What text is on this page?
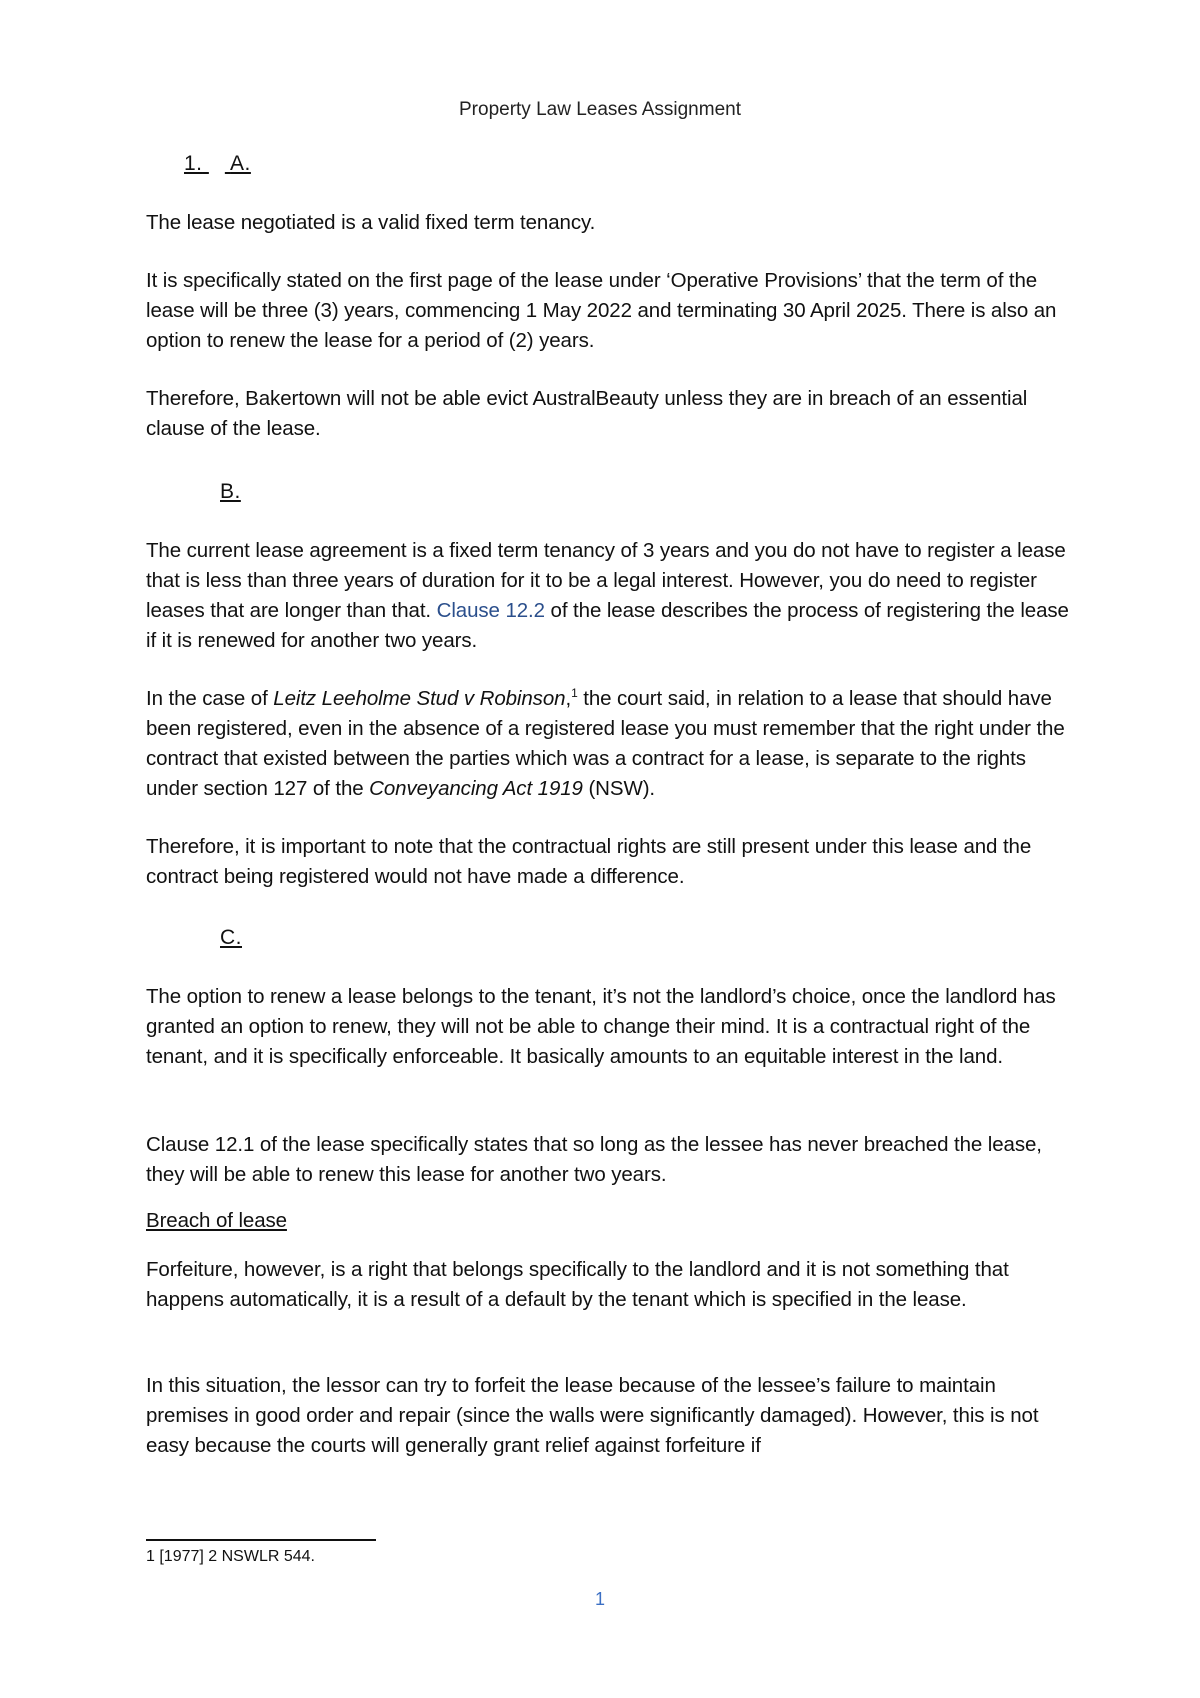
Property Law Leases Assignment
1. A.

The lease negotiated is a valid fixed term tenancy.

It is specifically stated on the first page of the lease under ‘Operative Provisions’ that the term of the lease will be three (3) years, commencing 1 May 2022 and terminating 30 April 2025. There is also an option to renew the lease for a period of (2) years.

Therefore, Bakertown will not be able evict AustralBeauty unless they are in breach of an essential clause of the lease.

B.

The current lease agreement is a fixed term tenancy of 3 years and you do not have to register a lease that is less than three years of duration for it to be a legal interest. However, you do need to register leases that are longer than that. Clause 12.2 of the lease describes the process of registering the lease if it is renewed for another two years.

In the case of Leitz Leeholme Stud v Robinson,$^1$ the court said, in relation to a lease that should have been registered, even in the absence of a registered lease you must remember that the right under the contract that existed between the parties which was a contract for a lease, is separate to the rights under section 127 of the Conveyancing Act 1919 (NSW).

Therefore, it is important to note that the contractual rights are still present under this lease and the contract being registered would not have made a difference.

C.

The option to renew a lease belongs to the tenant, it’s not the landlord’s choice, once the landlord has granted an option to renew, they will not be able to change their mind. It is a contractual right of the tenant, and it is specifically enforceable. It basically amounts to an equitable interest in the land.

Clause 12.1 of the lease specifically states that so long as the lessee has never breached the lease, they will be able to renew this lease for another two years.

Breach of lease

Forfeiture, however, is a right that belongs specifically to the landlord and it is not something that happens automatically, it is a result of a default by the tenant which is specified in the lease.

In this situation, the lessor can try to forfeit the lease because of the lessee’s failure to maintain premises in good order and repair (since the walls were significantly damaged). However, this is not easy because the courts will generally grant relief against forfeiture if

1 [1977] 2 NSWLR 544.
1
